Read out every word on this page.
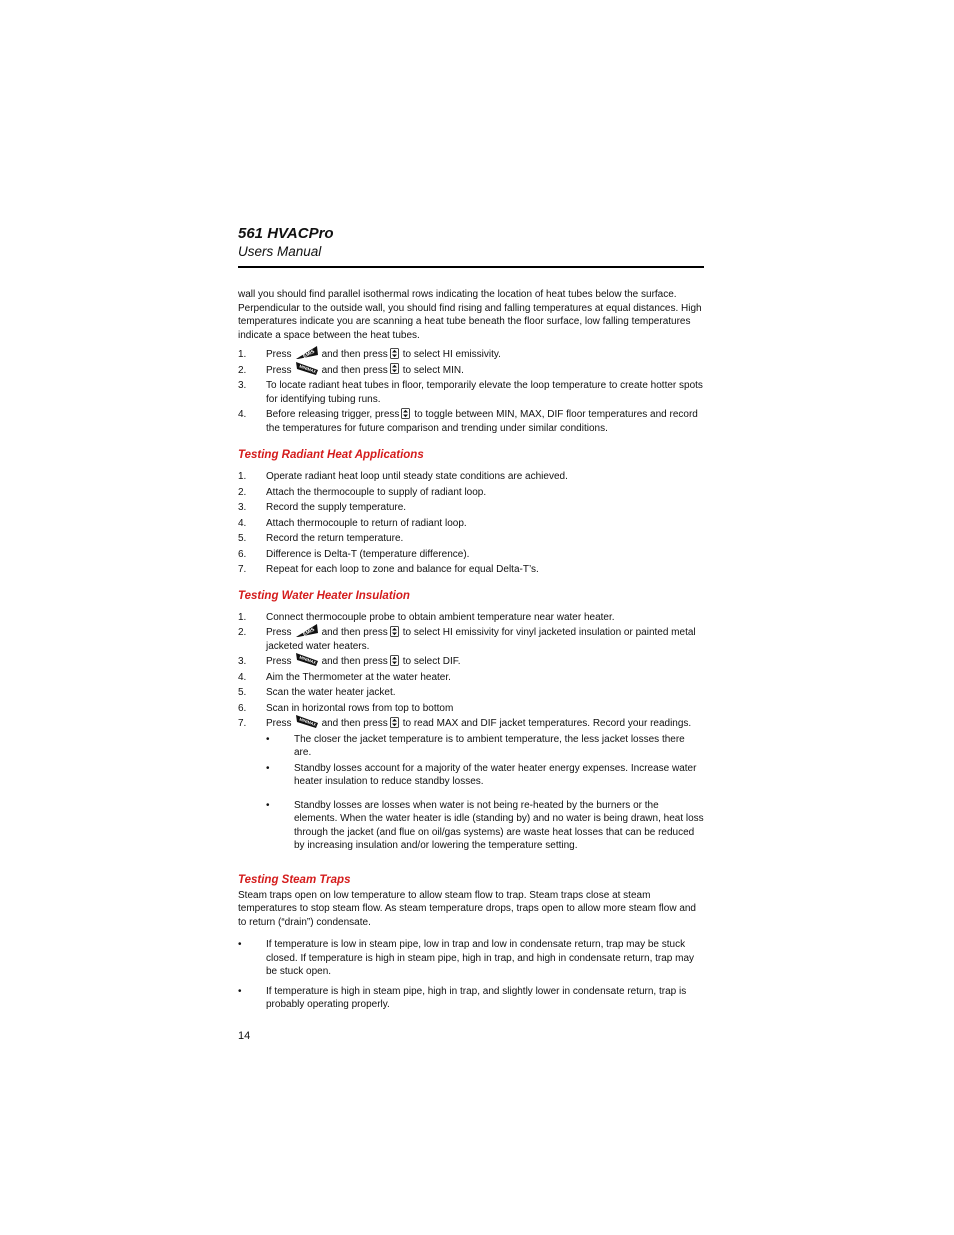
561 HVACPro

Users Manual

wall you should find parallel isothermal rows indicating the location of heat tubes below the surface. Perpendicular to the outside wall, you should find rising and falling temperatures at equal distances. High temperatures indicate you are scanning a heat tube beneath the floor surface, low falling temperatures indicate a space between the heat tubes.

1. Press	and then press to select HI emissivity.
2. Press	and then press to select MIN.
3. To locate radiant heat tubes in floor, temporarily elevate the loop temperature to create hotter spots for identifying tubing runs.
4. Before releasing trigger, press to toggle between MIN, MAX, DIF floor temperatures and record the temperatures for future comparison and trending under similar conditions.
Testing Radiant Heat Applications
1. Operate radiant heat loop until steady state conditions are achieved.
2. Attach the thermocouple to supply of radiant loop.
3. Record the supply temperature.
4. Attach thermocouple to return of radiant loop.
5. Record the return temperature.
6. Difference is Delta-T (temperature difference).
7. Repeat for each loop to zone and balance for equal Delta-T’s.
Testing Water Heater Insulation
1. Connect thermocouple probe to obtain ambient temperature near water heater.
2. Press	and then press to select HI emissivity for vinyl jacketed insulation or painted metal jacketed water heaters.
3. Press	and then press to select DIF.
4. Aim the Thermometer at the water heater.
5. Scan the water heater jacket.
6. Scan in horizontal rows from top to bottom
7. Press	and then press to read MAX and DIF jacket temperatures. Record your readings.
• The closer the jacket temperature is to ambient temperature, the less jacket losses there are.
• Standby losses account for a majority of the water heater energy expenses. Increase water heater insulation to reduce standby losses.
• Standby losses are losses when water is not being re-heated by the burners or the elements. When the water heater is idle (standing by) and no water is being drawn, heat loss through the jacket (and flue on oil/gas systems) are waste heat losses that can be reduced by increasing insulation and/or lowering the temperature setting.
Testing Steam Traps

Steam traps open on low temperature to allow steam flow to trap. Steam traps close at steam temperatures to stop steam flow. As steam temperature drops, traps open to allow more steam flow and to return (“drain”) condensate.

• If temperature is low in steam pipe, low in trap and low in condensate return, trap may be stuck closed. If temperature is high in steam pipe, high in trap, and high in condensate return, trap may be stuck open.
• If temperature is high in steam pipe, high in trap, and slightly lower in condensate return, trap is probably operating properly.

14
